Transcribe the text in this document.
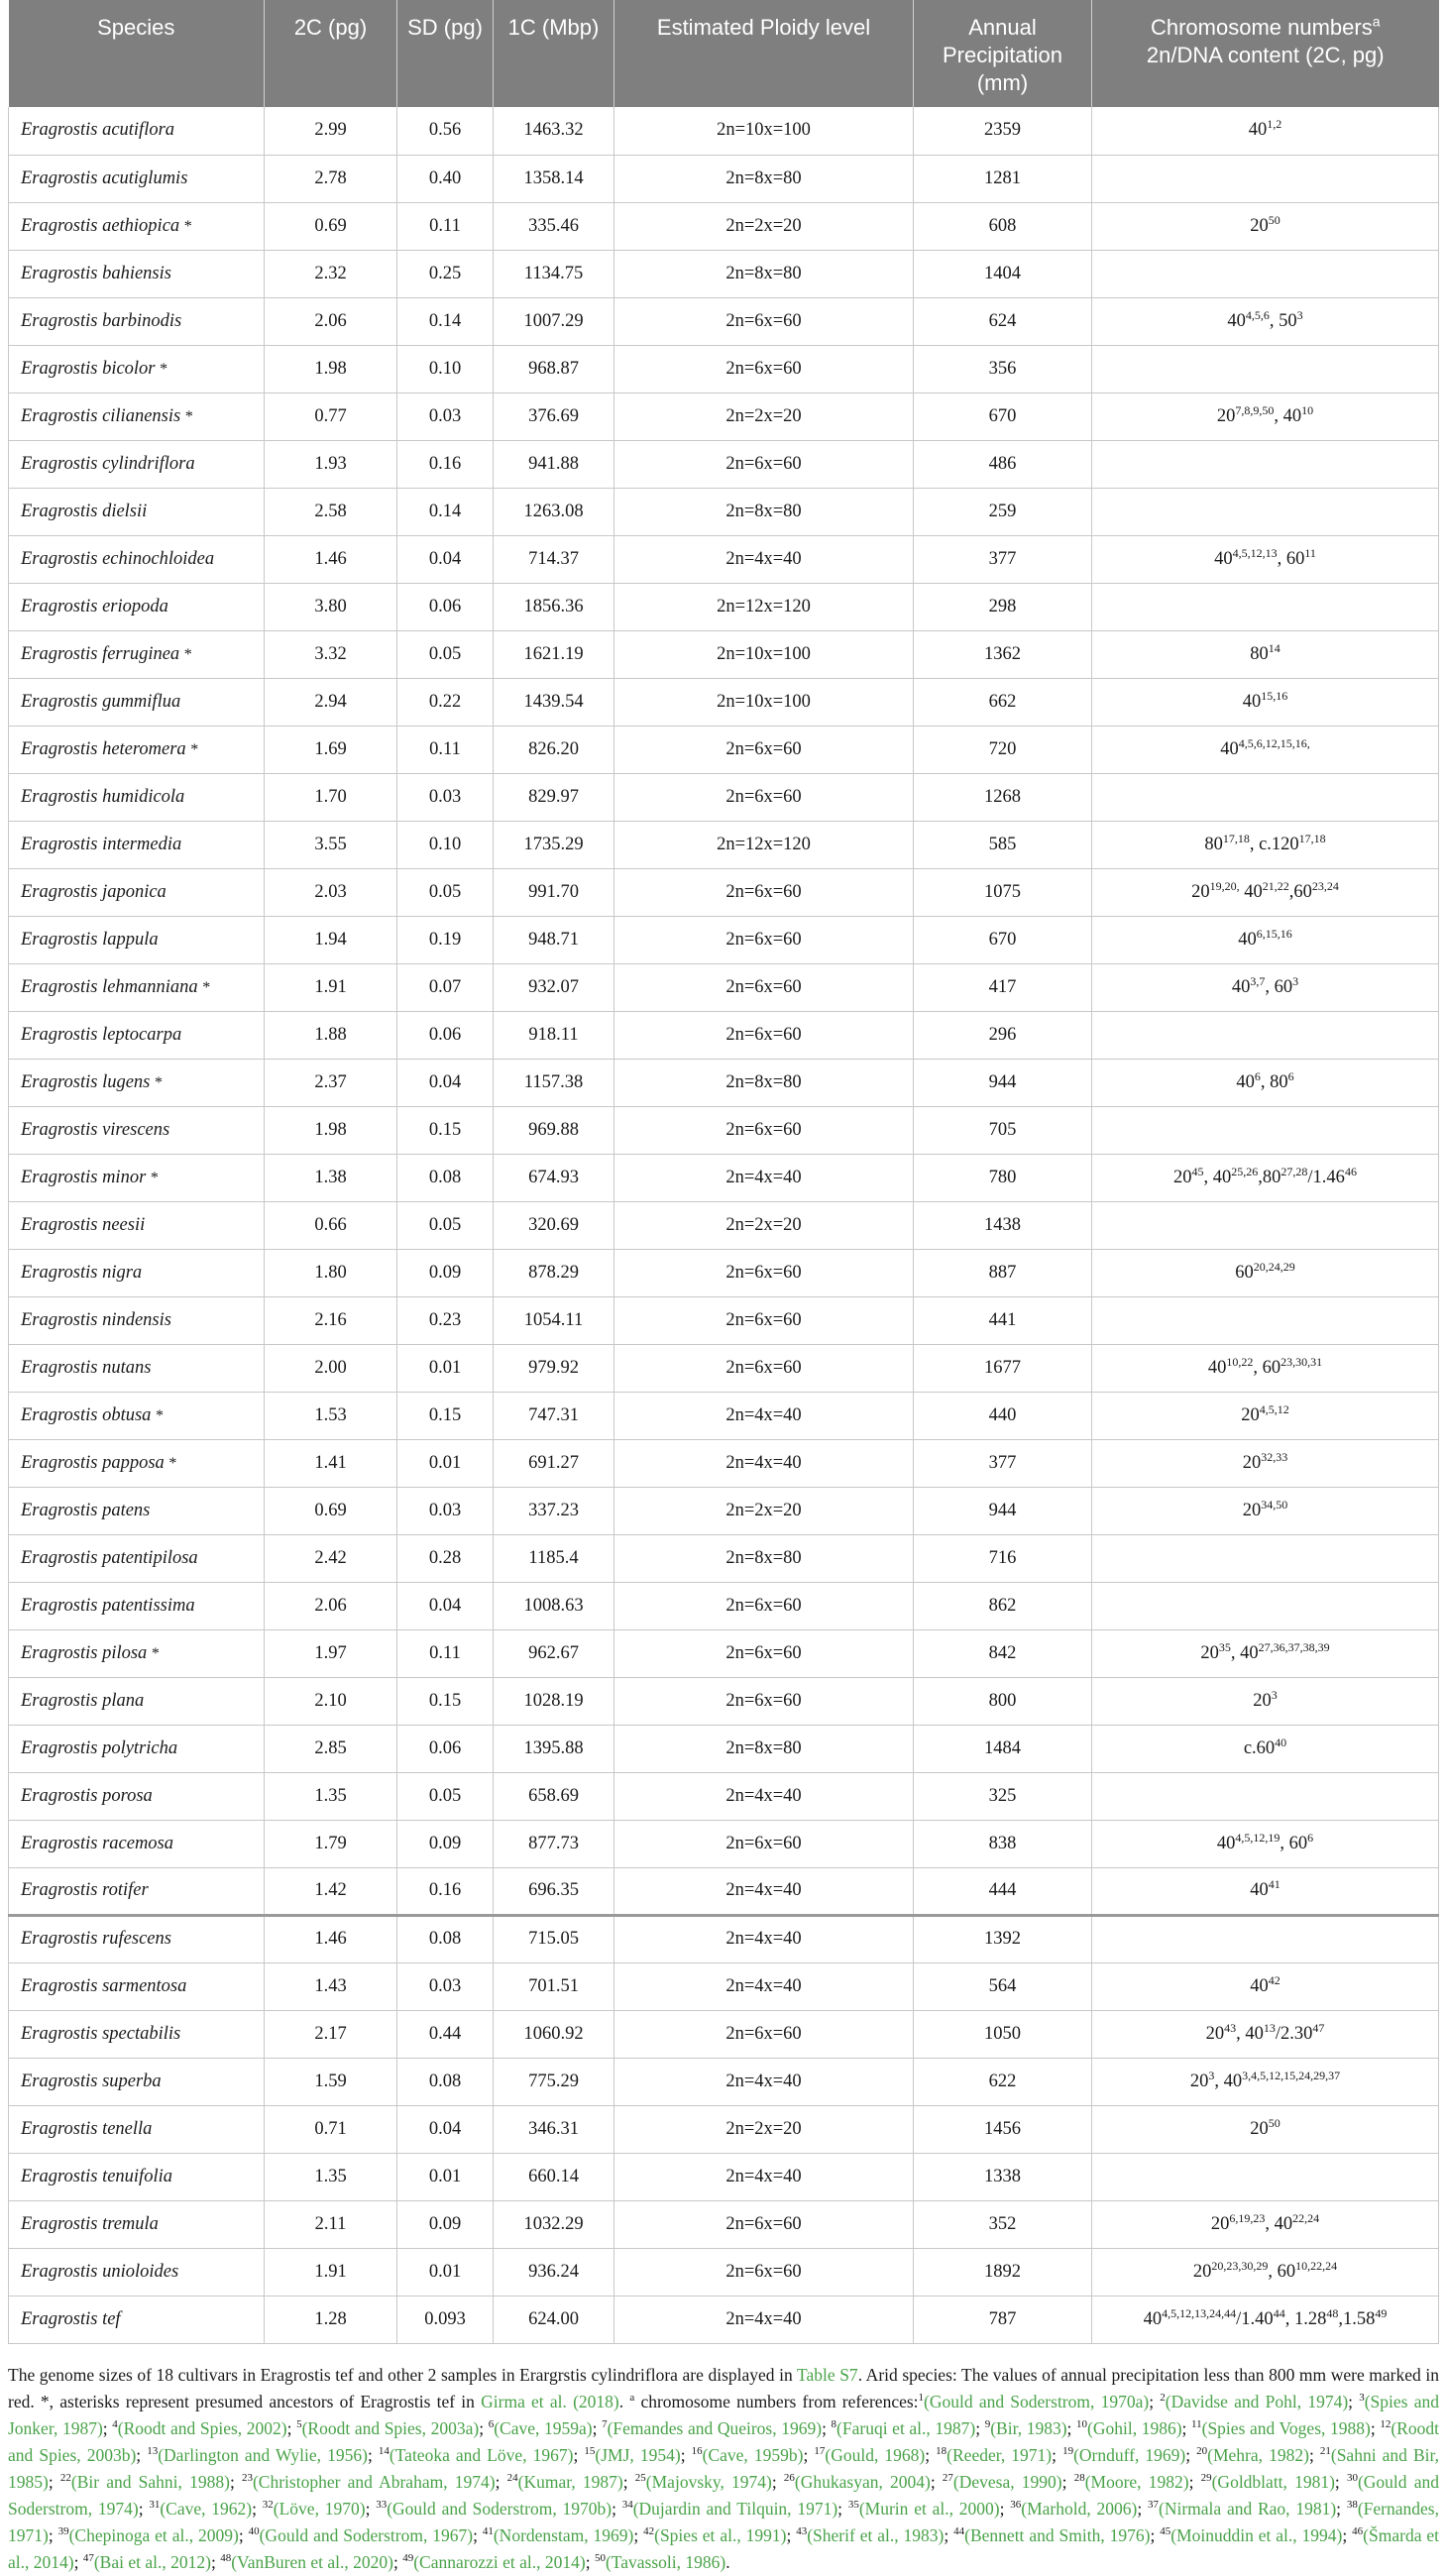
Species	2C (pg)	SD (pg)	1C (Mbp)	Estimated Ploidy level	Annual Precipitation (mm)	Chromosome numbers$^a$
2n/DNA content (2C, pg)
Eragrostis acutiflora	2.99	0.56	1463.32	2n=10x=100	2359	40$^{1,2}$
Eragrostis acutiglumis	2.78	0.40	1358.14	2n=8x=80	1281	
Eragrostis aethiopica *	0.69	0.11	335.46	2n=2x=20	608	$20^{50}$
Eragrostis bahiensis	2.32	0.25	1134.75	2n=8x=80	1404	
Eragrostis barbinodis	2.06	0.14	1007.29	2n=6x=60	624	40$^{4,5,6}$, $50^3$
Eragrostis bicolor *	1.98	0.10	968.87	2n=6x=60	356	
Eragrostis cilianensis *	0.77	0.03	376.69	2n=2x=20	670	20$^{7,8,9,50}$, $40^{10}$
Eragrostis cylindriflora	1.93	0.16	941.88	2n=6x=60	486	
Eragrostis dielsii	2.58	0.14	1263.08	2n=8x=80	259	
Eragrostis echinochloidea	1.46	0.04	714.37	2n=4x=40	377	40$^{4,5,12,13}$, $60^{11}$
Eragrostis eriopoda	3.80	0.06	1856.36	2n=12x=120	298	
Eragrostis ferruginea *	3.32	0.05	1621.19	2n=10x=100	1362	$80^{14}$
Eragrostis gummiflua	2.94	0.22	1439.54	2n=10x=100	662	40$^{15,16}$
Eragrostis heteromera *	1.69	0.11	826.20	2n=6x=60	720	$40^{4,5,6,12,15,16,}$
Eragrostis humidicola	1.70	0.03	829.97	2n=6x=60	1268	
Eragrostis intermedia	3.55	0.10	1735.29	2n=12x=120	585	80$^{17,18}$, c.120$^{17,18}$
Eragrostis japonica	2.03	0.05	991.70	2n=6x=60	1075	$20^{19,20,}$ 40$^{21,22}$,60$^{23,24}$
Eragrostis lappula	1.94	0.19	948.71	2n=6x=60	670	40$^{6,15,16}$
Eragrostis lehmanniana *	1.91	0.07	932.07	2n=6x=60	417	40$^{3,7}$, $60^3$
Eragrostis leptocarpa	1.88	0.06	918.11	2n=6x=60	296	
Eragrostis lugens *	2.37	0.04	1157.38	2n=8x=80	944	$40^6$, $80^6$
Eragrostis virescens	1.98	0.15	969.88	2n=6x=60	705	
Eragrostis minor *	1.38	0.08	674.93	2n=4x=40	780	$20^{45}$, 40$^{25,26}$,80$^{27,28}$/1.46$^{46}$
Eragrostis neesii	0.66	0.05	320.69	2n=2x=20	1438	
Eragrostis nigra	1.80	0.09	878.29	2n=6x=60	887	60$^{20,24,29}$
Eragrostis nindensis	2.16	0.23	1054.11	2n=6x=60	441	
Eragrostis nutans	2.00	0.01	979.92	2n=6x=60	1677	40$^{10,22}$, 60$^{23,30,31}$
Eragrostis obtusa *	1.53	0.15	747.31	2n=4x=40	440	20$^{4,5,12}$
Eragrostis papposa *	1.41	0.01	691.27	2n=4x=40	377	20$^{32,33}$
Eragrostis patens	0.69	0.03	337.23	2n=2x=20	944	20$^{34,50}$
Eragrostis patentipilosa	2.42	0.28	1185.4	2n=8x=80	716	
Eragrostis patentissima	2.06	0.04	1008.63	2n=6x=60	862	
Eragrostis pilosa *	1.97	0.11	962.67	2n=6x=60	842	$20^{35}$, 40$^{27,36,37,38,39}$
Eragrostis plana	2.10	0.15	1028.19	2n=6x=60	800	$20^3$
Eragrostis polytricha	2.85	0.06	1395.88	2n=8x=80	1484	$c.60^{40}$
Eragrostis porosa	1.35	0.05	658.69	2n=4x=40	325	
Eragrostis racemosa	1.79	0.09	877.73	2n=6x=60	838	40$^{4,5,12,19}$, $60^6$
Eragrostis rotifer	1.42	0.16	696.35	2n=4x=40	444	$40^{41}$
Eragrostis rufescens	1.46	0.08	715.05	2n=4x=40	1392	
Eragrostis sarmentosa	1.43	0.03	701.51	2n=4x=40	564	$40^{42}$
Eragrostis spectabilis	2.17	0.44	1060.92	2n=6x=60	1050	$20^{43}$, $40^{13}/2.30^{47}$
Eragrostis superba	1.59	0.08	775.29	2n=4x=40	622	$20^3$, 40$^{3,4,5,12,15,24,29,37}$
Eragrostis tenella	0.71	0.04	346.31	2n=2x=20	1456	$20^{50}$
Eragrostis tenuifolia	1.35	0.01	660.14	2n=4x=40	1338	
Eragrostis tremula	2.11	0.09	1032.29	2n=6x=60	352	20$^{6,19,23}$, 40$^{22,24}$
Eragrostis unioloides	1.91	0.01	936.24	2n=6x=60	1892	20$^{20,23,30,29}$, 60$^{10,22,24}$
Eragrostis tef	1.28	0.093	624.00	2n=4x=40	787	40$^{4,5,12,13,24,44}$/1.40$^{44}$, 1.28$^{48}$,1.58$^{49}$
The genome sizes of 18 cultivars in Eragrostis tef and other 2 samples in Erargrstis cylindriflora are displayed in Table S7. Arid species: The values of annual precipitation less than 800 mm were marked in red. *, asterisks represent presumed ancestors of Eragrostis tef in Girma et al. (2018). $^a$ chromosome numbers from references:$^1$(Gould and Soderstrom, 1970a); $^2$(Davidse and Pohl, 1974); $^3$(Spies and Jonker, 1987); $^4$(Roodt and Spies, 2002); $^5$(Roodt and Spies, 2003a); $^6$(Cave, 1959a); $^7$(Femandes and Queiros, 1969); $^8$(Faruqi et al., 1987); $^9$(Bir, 1983); $^{10}$(Gohil, 1986); $^{11}$(Spies and Voges, 1988); $^{12}$(Roodt and Spies, 2003b); $^{13}$(Darlington and Wylie, 1956); $^{14}$(Tateoka and Löve, 1967); $^{15}$(JMJ, 1954); $^{16}$(Cave, 1959b); $^{17}$(Gould, 1968); $^{18}$(Reeder, 1971); $^{19}$(Ornduff, 1969); $^{20}$(Mehra, 1982); $^{21}$(Sahni and Bir, 1985); $^{22}$(Bir and Sahni, 1988); $^{23}$(Christopher and Abraham, 1974); $^{24}$(Kumar, 1987); $^{25}$(Majovsky, 1974); $^{26}$(Ghukasyan, 2004); $^{27}$(Devesa, 1990); $^{28}$(Moore, 1982); $^{29}$(Goldblatt, 1981); $^{30}$(Gould and Soderstrom, 1974); $^{31}$(Cave, 1962); $^{32}$(Löve, 1970); $^{33}$(Gould and Soderstrom, 1970b); $^{34}$(Dujardin and Tilquin, 1971); $^{35}$(Murin et al., 2000); $^{36}$(Marhold, 2006); $^{37}$(Nirmala and Rao, 1981); $^{38}$(Fernandes, 1971); $^{39}$(Chepinoga et al., 2009); $^{40}$(Gould and Soderstrom, 1967); $^{41}$(Nordenstam, 1969); $^{42}$(Spies et al., 1991); $^{43}$(Sherif et al., 1983); $^{44}$(Bennett and Smith, 1976); $^{45}$(Moinuddin et al., 1994); $^{46}$(Šmarda et al., 2014); $^{47}$(Bai et al., 2012); $^{48}$(VanBuren et al., 2020); $^{49}$(Cannarozzi et al., 2014); $^{50}$(Tavassoli, 1986).
